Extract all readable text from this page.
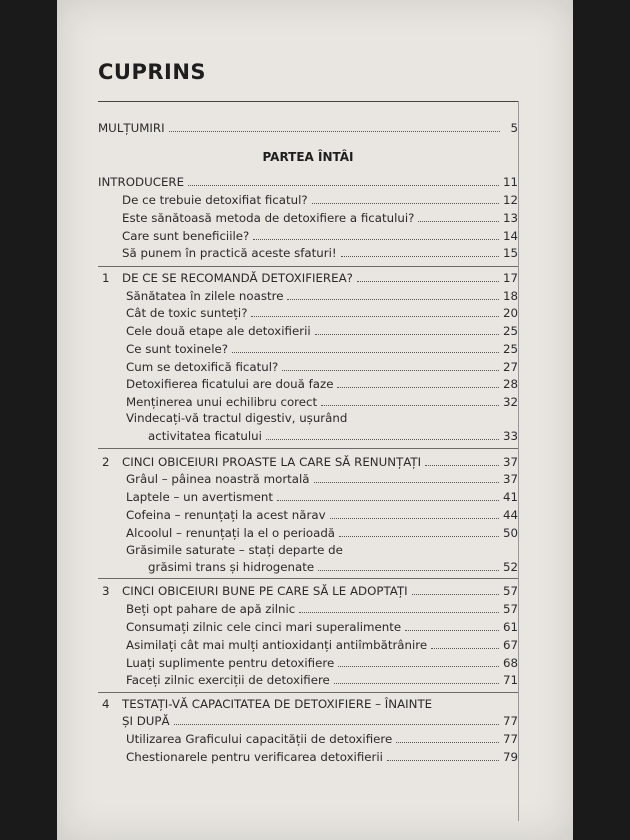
CUPRINS
MULȚUMIRI	5
PARTEA ÎNTÂI
INTRODUCERE	11
De ce trebuie detoxifiat ficatul?	12
Este sănătoasă metoda de detoxifiere a ficatului?	13
Care sunt beneficiile?	14
Să punem în practică aceste sfaturi!	15
1 DE CE SE RECOMANDĂ DETOXIFIEREA?	17
Sănătatea în zilele noastre	18
Cât de toxic sunteți?	20
Cele două etape ale detoxifierii	25
Ce sunt toxinele?	25
Cum se detoxifică ficatul?	27
Detoxifierea ficatului are două faze	28
Menținerea unui echilibru corect	32
Vindecați-vă tractul digestiv, ușurând
activitatea ficatului	33
2 CINCI OBICEIURI PROASTE LA CARE SĂ RENUNȚAȚI	37
Grâul – pâinea noastră mortală	37
Laptele – un avertisment	41
Cofeina – renunțați la acest nărav	44
Alcoolul – renunțați la el o perioadă	50
Grăsimile saturate – stați departe de
grăsimi trans și hidrogenate	52
3 CINCI OBICEIURI BUNE PE CARE SĂ LE ADOPTAȚI	57
Beți opt pahare de apă zilnic	57
Consumați zilnic cele cinci mari superalimente	61
Asimilați cât mai mulți antioxidanți antiîmbătrânire	67
Luați suplimente pentru detoxifiere	68
Faceți zilnic exerciții de detoxifiere	71
4 TESTAȚI-VĂ CAPACITATEA DE DETOXIFIERE – ÎNAINTE
ȘI DUPĂ	77
Utilizarea Graficului capacității de detoxifiere	77
Chestionarele pentru verificarea detoxifierii	79
